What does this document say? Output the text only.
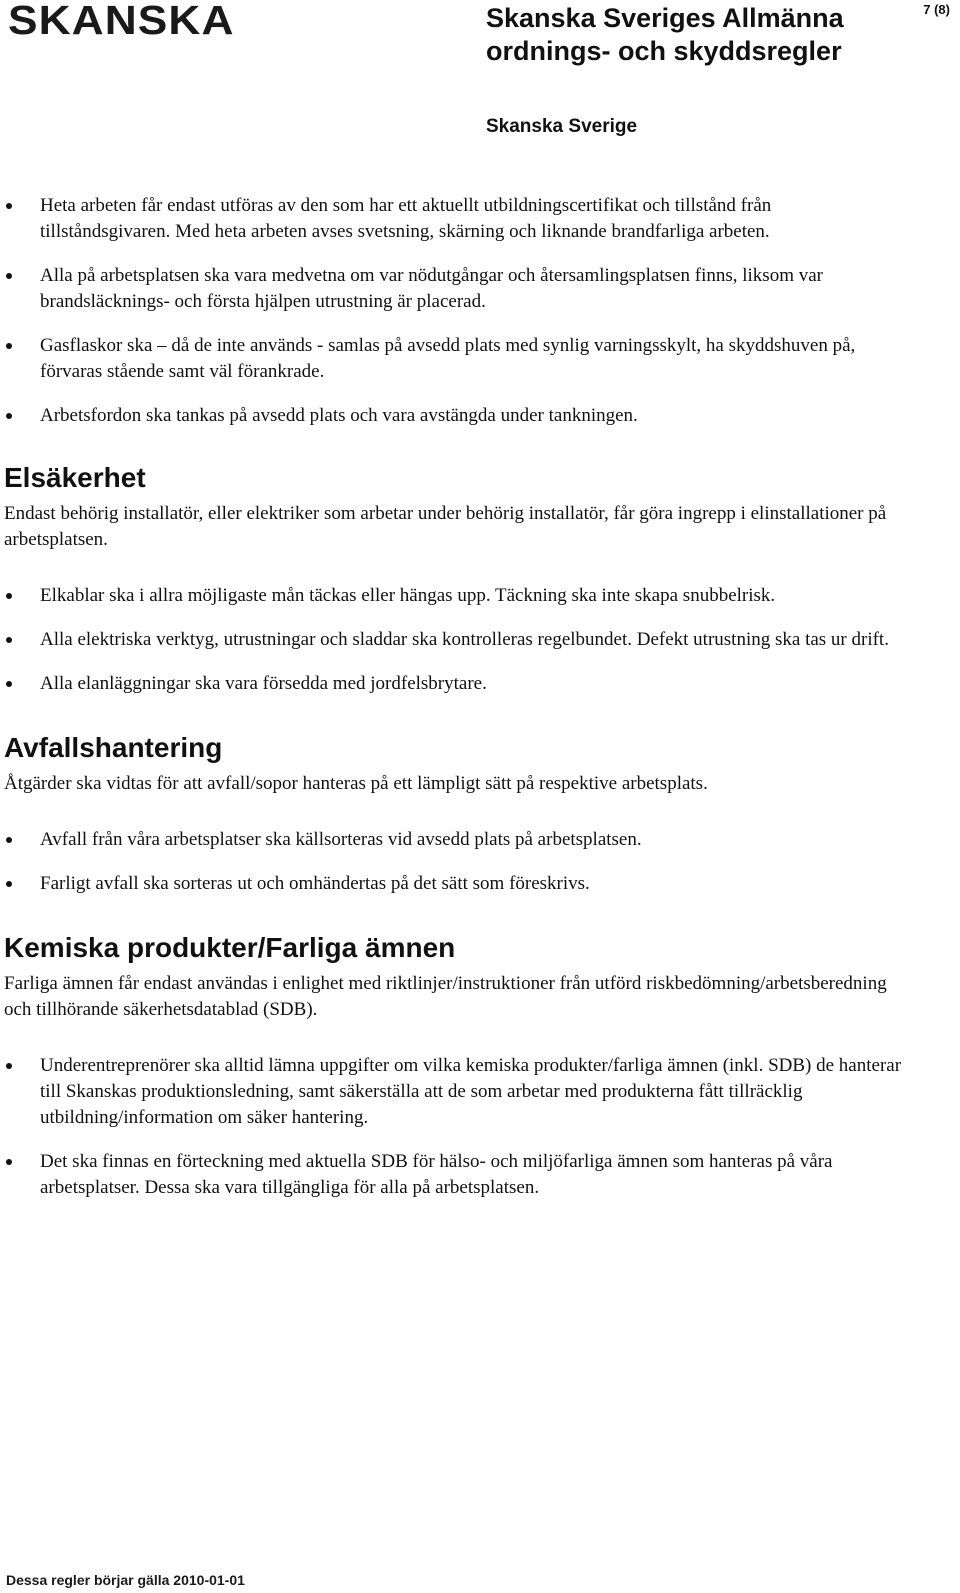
SKANSKA	Skanska Sveriges Allmänna ordnings- och skyddsregler
Skanska Sverige
7 (8)
Heta arbeten får endast utföras av den som har ett aktuellt utbildningscertifikat och tillstånd från tillståndsgivaren. Med heta arbeten avses svetsning, skärning och liknande brandfarliga arbeten.
Alla på arbetsplatsen ska vara medvetna om var nödutgångar och återsamlingsplatsen finns, liksom var brandsläcknings- och första hjälpen utrustning är placerad.
Gasflaskor ska – då de inte används - samlas på avsedd plats med synlig varningsskylt, ha skyddshuven på, förvaras stående samt väl förankrade.
Arbetsfordon ska tankas på avsedd plats och vara avstängda under tankningen.
Elsäkerhet

Endast behörig installatör, eller elektriker som arbetar under behörig installatör, får göra ingrepp i elinstallationer på arbetsplatsen.

Elkablar ska i allra möjligaste mån täckas eller hängas upp. Täckning ska inte skapa snubbelrisk.
Alla elektriska verktyg, utrustningar och sladdar ska kontrolleras regelbundet. Defekt utrustning ska tas ur drift.
Alla elanläggningar ska vara försedda med jordfelsbrytare.
Avfallshantering

Åtgärder ska vidtas för att avfall/sopor hanteras på ett lämpligt sätt på respektive arbetsplats.

Avfall från våra arbetsplatser ska källsorteras vid avsedd plats på arbetsplatsen.
Farligt avfall ska sorteras ut och omhändertas på det sätt som föreskrivs.
Kemiska produkter/Farliga ämnen

Farliga ämnen får endast användas i enlighet med riktlinjer/instruktioner från utförd riskbedömning/arbetsberedning och tillhörande säkerhetsdatablad (SDB).

Underentreprenörer ska alltid lämna uppgifter om vilka kemiska produkter/farliga ämnen (inkl. SDB) de hanterar till Skanskas produktionsledning, samt säkerställa att de som arbetar med produkterna fått tillräcklig utbildning/information om säker hantering.
Det ska finnas en förteckning med aktuella SDB för hälso- och miljöfarliga ämnen som hanteras på våra arbetsplatser. Dessa ska vara tillgängliga för alla på arbetsplatsen.
Dessa regler börjar gälla 2010-01-01
